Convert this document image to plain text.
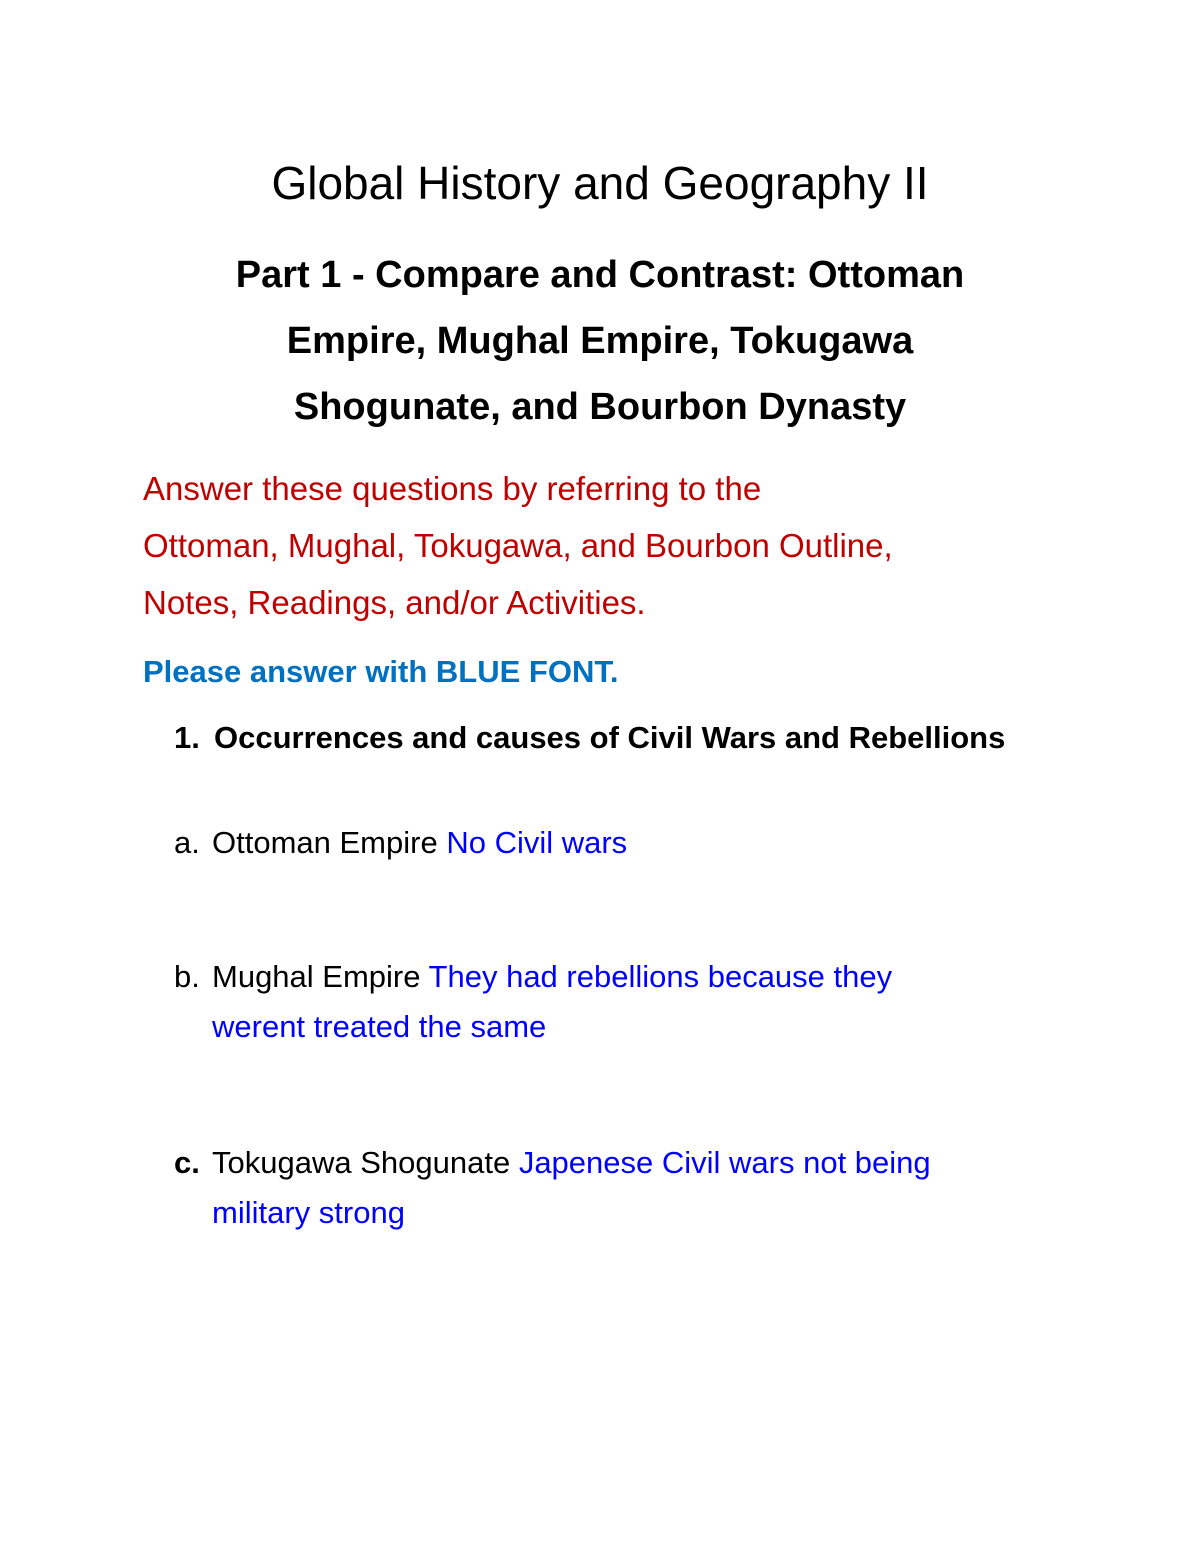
Global History and Geography II
Part 1 - Compare and Contrast: Ottoman
Empire, Mughal Empire, Tokugawa
Shogunate, and Bourbon Dynasty
Answer these questions by referring to the
Ottoman, Mughal, Tokugawa, and Bourbon Outline,
Notes, Readings, and/or Activities.
Please answer with BLUE FONT.
1. Occurrences and causes of Civil Wars and Rebellions
a. Ottoman Empire No Civil wars
b. Mughal Empire They had rebellions because they
werent treated the same
c. Tokugawa Shogunate Japenese Civil wars not being
military strong
